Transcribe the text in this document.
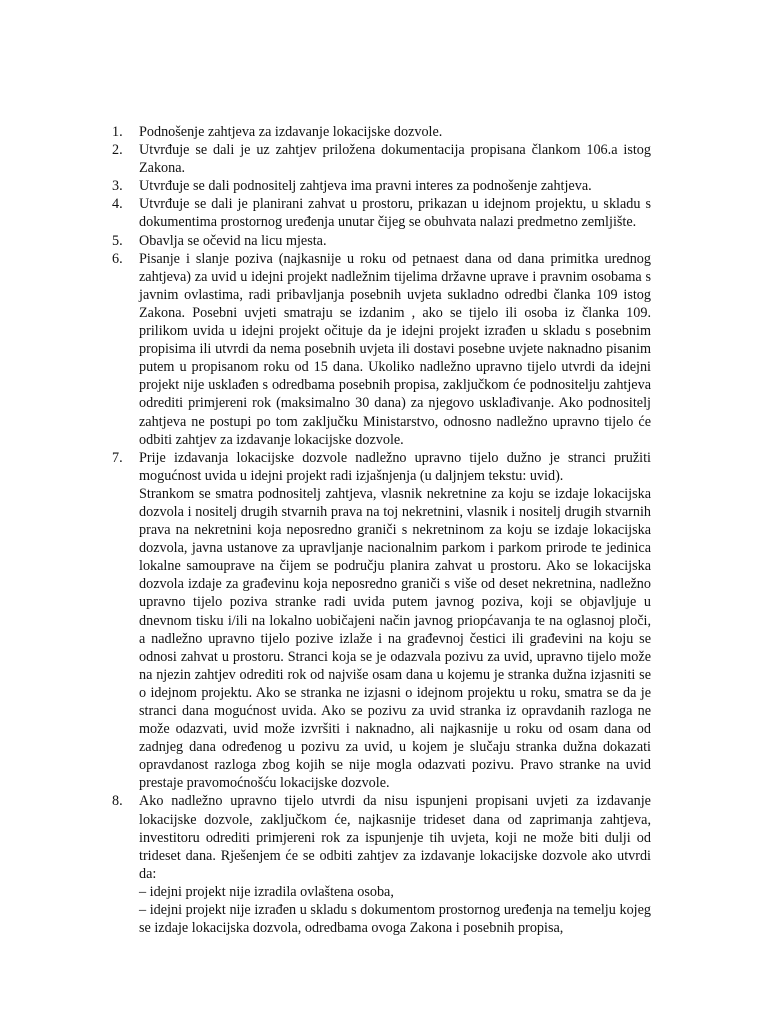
1. Podnošenje zahtjeva za izdavanje lokacijske dozvole.
2. Utvrđuje se dali je uz zahtjev priložena dokumentacija propisana člankom 106.a istog Zakona.
3. Utvrđuje se dali podnositelj zahtjeva ima pravni interes za podnošenje zahtjeva.
4. Utvrđuje se dali je planirani zahvat u prostoru, prikazan u idejnom projektu, u skladu s dokumentima prostornog uređenja unutar čijeg se obuhvata nalazi predmetno zemljište.
5. Obavlja se očevid na licu mjesta.
6. Pisanje i slanje poziva (najkasnije u roku od petnaest dana od dana primitka urednog zahtjeva) za uvid u idejni projekt nadležnim tijelima državne uprave i pravnim osobama s javnim ovlastima, radi pribavljanja posebnih uvjeta sukladno odredbi članka 109 istog Zakona. Posebni uvjeti smatraju se izdanim , ako se tijelo ili osoba iz članka 109. prilikom uvida u idejni projekt očituje da je idejni projekt izrađen u skladu s posebnim propisima ili utvrdi da nema posebnih uvjeta ili dostavi posebne uvjete naknadno pisanim putem u propisanom roku od 15 dana. Ukoliko nadležno upravno tijelo utvrdi da idejni projekt nije usklađen s odredbama posebnih propisa, zaključkom će podnositelju zahtjeva odrediti primjereni rok (maksimalno 30 dana) za njegovo usklađivanje. Ako podnositelj zahtjeva ne postupi po tom zaključku Ministarstvo, odnosno nadležno upravno tijelo će odbiti zahtjev za izdavanje lokacijske dozvole.
7. Prije izdavanja lokacijske dozvole nadležno upravno tijelo dužno je stranci pružiti mogućnost uvida u idejni projekt radi izjašnjenja (u daljnjem tekstu: uvid).
Strankom se smatra podnositelj zahtjeva, vlasnik nekretnine za koju se izdaje lokacijska dozvola i nositelj drugih stvarnih prava na toj nekretnini, vlasnik i nositelj drugih stvarnih prava na nekretnini koja neposredno graniči s nekretninom za koju se izdaje lokacijska dozvola, javna ustanove za upravljanje nacionalnim parkom i parkom prirode te jedinica lokalne samouprave na čijem se području planira zahvat u prostoru. Ako se lokacijska dozvola izdaje za građevinu koja neposredno graniči s više od deset nekretnina, nadležno upravno tijelo poziva stranke radi uvida putem javnog poziva, koji se objavljuje u dnevnom tisku i/ili na lokalno uobičajeni način javnog priopćavanja te na oglasnoj ploči, a nadležno upravno tijelo pozive izlaže i na građevnoj čestici ili građevini na koju se odnosi zahvat u prostoru. Stranci koja se je odazvala pozivu za uvid, upravno tijelo može na njezin zahtjev odrediti rok od najviše osam dana u kojemu je stranka dužna izjasniti se o idejnom projektu. Ako se stranka ne izjasni o idejnom projektu u roku, smatra se da je stranci dana mogućnost uvida. Ako se pozivu za uvid stranka iz opravdanih razloga ne može odazvati, uvid može izvršiti i naknadno, ali najkasnije u roku od osam dana od zadnjeg dana određenog u pozivu za uvid, u kojem je slučaju stranka dužna dokazati opravdanost razloga zbog kojih se nije mogla odazvati pozivu. Pravo stranke na uvid prestaje pravomoćnošću lokacijske dozvole.
8. Ako nadležno upravno tijelo utvrdi da nisu ispunjeni propisani uvjeti za izdavanje lokacijske dozvole, zaključkom će, najkasnije trideset dana od zaprimanja zahtjeva, investitoru odrediti primjereni rok za ispunjenje tih uvjeta, koji ne može biti dulji od trideset dana. Rješenjem će se odbiti zahtjev za izdavanje lokacijske dozvole ako utvrdi da:
– idejni projekt nije izradila ovlaštena osoba,
– idejni projekt nije izrađen u skladu s dokumentom prostornog uređenja na temelju kojeg se izdaje lokacijska dozvola, odredbama ovoga Zakona i posebnih propisa,
